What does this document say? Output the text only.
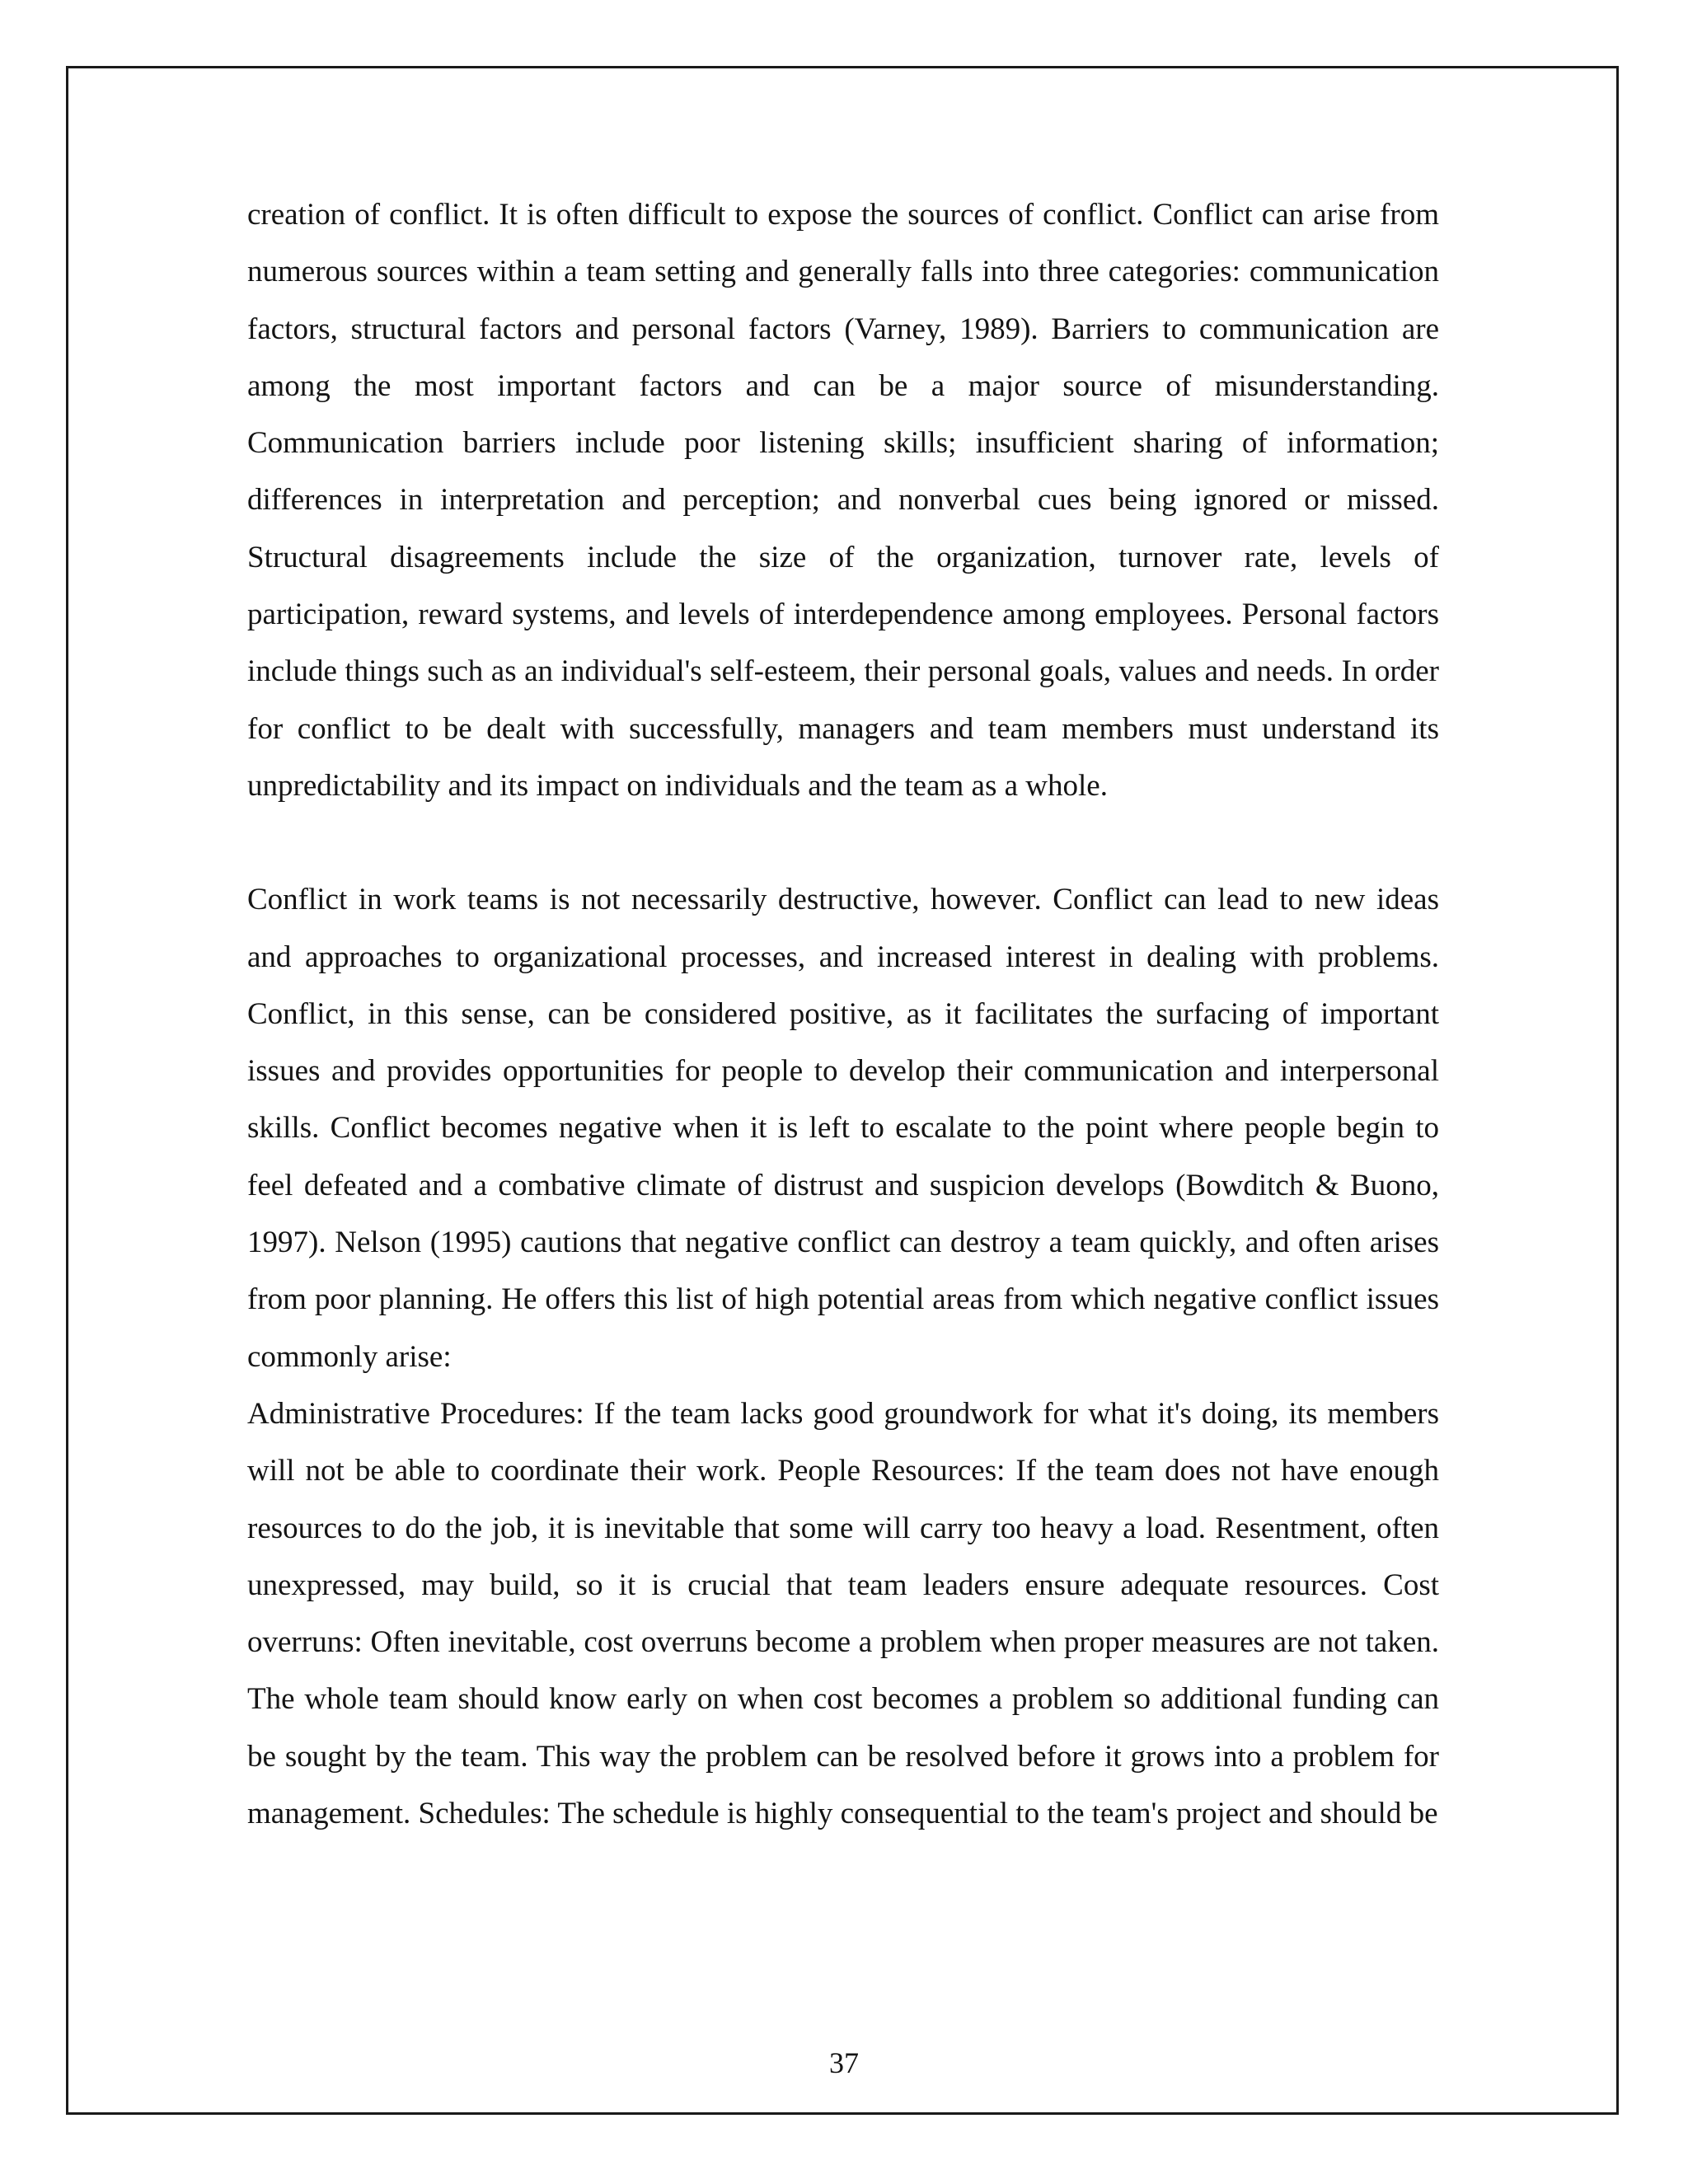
creation of conflict. It is often difficult to expose the sources of conflict. Conflict can arise from numerous sources within a team setting and generally falls into three categories: communication factors, structural factors and personal factors (Varney, 1989). Barriers to communication are among the most important factors and can be a major source of misunderstanding. Communication barriers include poor listening skills; insufficient sharing of information; differences in interpretation and perception; and nonverbal cues being ignored or missed. Structural disagreements include the size of the organization, turnover rate, levels of participation, reward systems, and levels of interdependence among employees. Personal factors include things such as an individual's self-esteem, their personal goals, values and needs. In order for conflict to be dealt with successfully, managers and team members must understand its unpredictability and its impact on individuals and the team as a whole.

Conflict in work teams is not necessarily destructive, however. Conflict can lead to new ideas and approaches to organizational processes, and increased interest in dealing with problems. Conflict, in this sense, can be considered positive, as it facilitates the surfacing of important issues and provides opportunities for people to develop their communication and interpersonal skills. Conflict becomes negative when it is left to escalate to the point where people begin to feel defeated and a combative climate of distrust and suspicion develops (Bowditch & Buono, 1997). Nelson (1995) cautions that negative conflict can destroy a team quickly, and often arises from poor planning. He offers this list of high potential areas from which negative conflict issues commonly arise:

Administrative Procedures: If the team lacks good groundwork for what it's doing, its members will not be able to coordinate their work. People Resources: If the team does not have enough resources to do the job, it is inevitable that some will carry too heavy a load. Resentment, often unexpressed, may build, so it is crucial that team leaders ensure adequate resources. Cost overruns: Often inevitable, cost overruns become a problem when proper measures are not taken. The whole team should know early on when cost becomes a problem so additional funding can be sought by the team. This way the problem can be resolved before it grows into a problem for management. Schedules: The schedule is highly consequential to the team's project and should be

37
